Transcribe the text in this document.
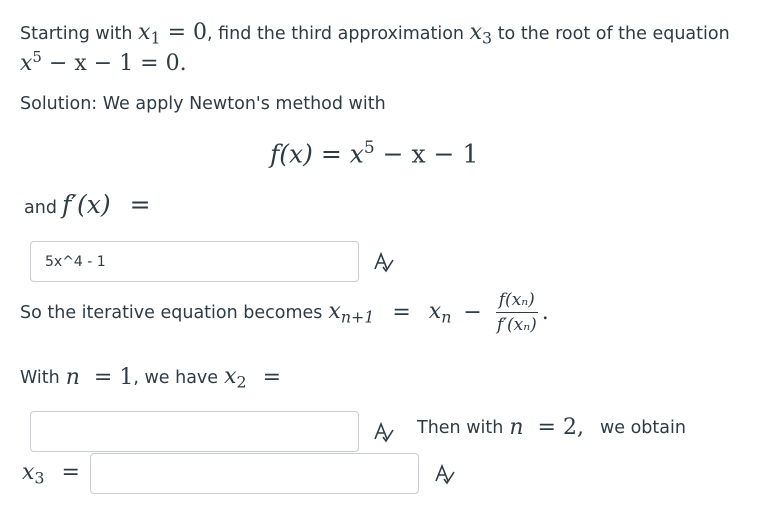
Starting with $x_1 = 0$, find the third approximation $x_3$ to the root of the equation
$x^5 - x - 1 = 0$.
Solution: We apply Newton's method with
$f(x) = x^5 - x - 1$
and f′(x) =
5x^4 - 1
So the iterative equation becomes $x_{n+1} = x_n - \frac{\text{f(xₙ)}}{\text{f′(xₙ)}}$ .
With n = 1 , we have $x_2$ =
Then with n = 2, we obtain
$x_3$ =
